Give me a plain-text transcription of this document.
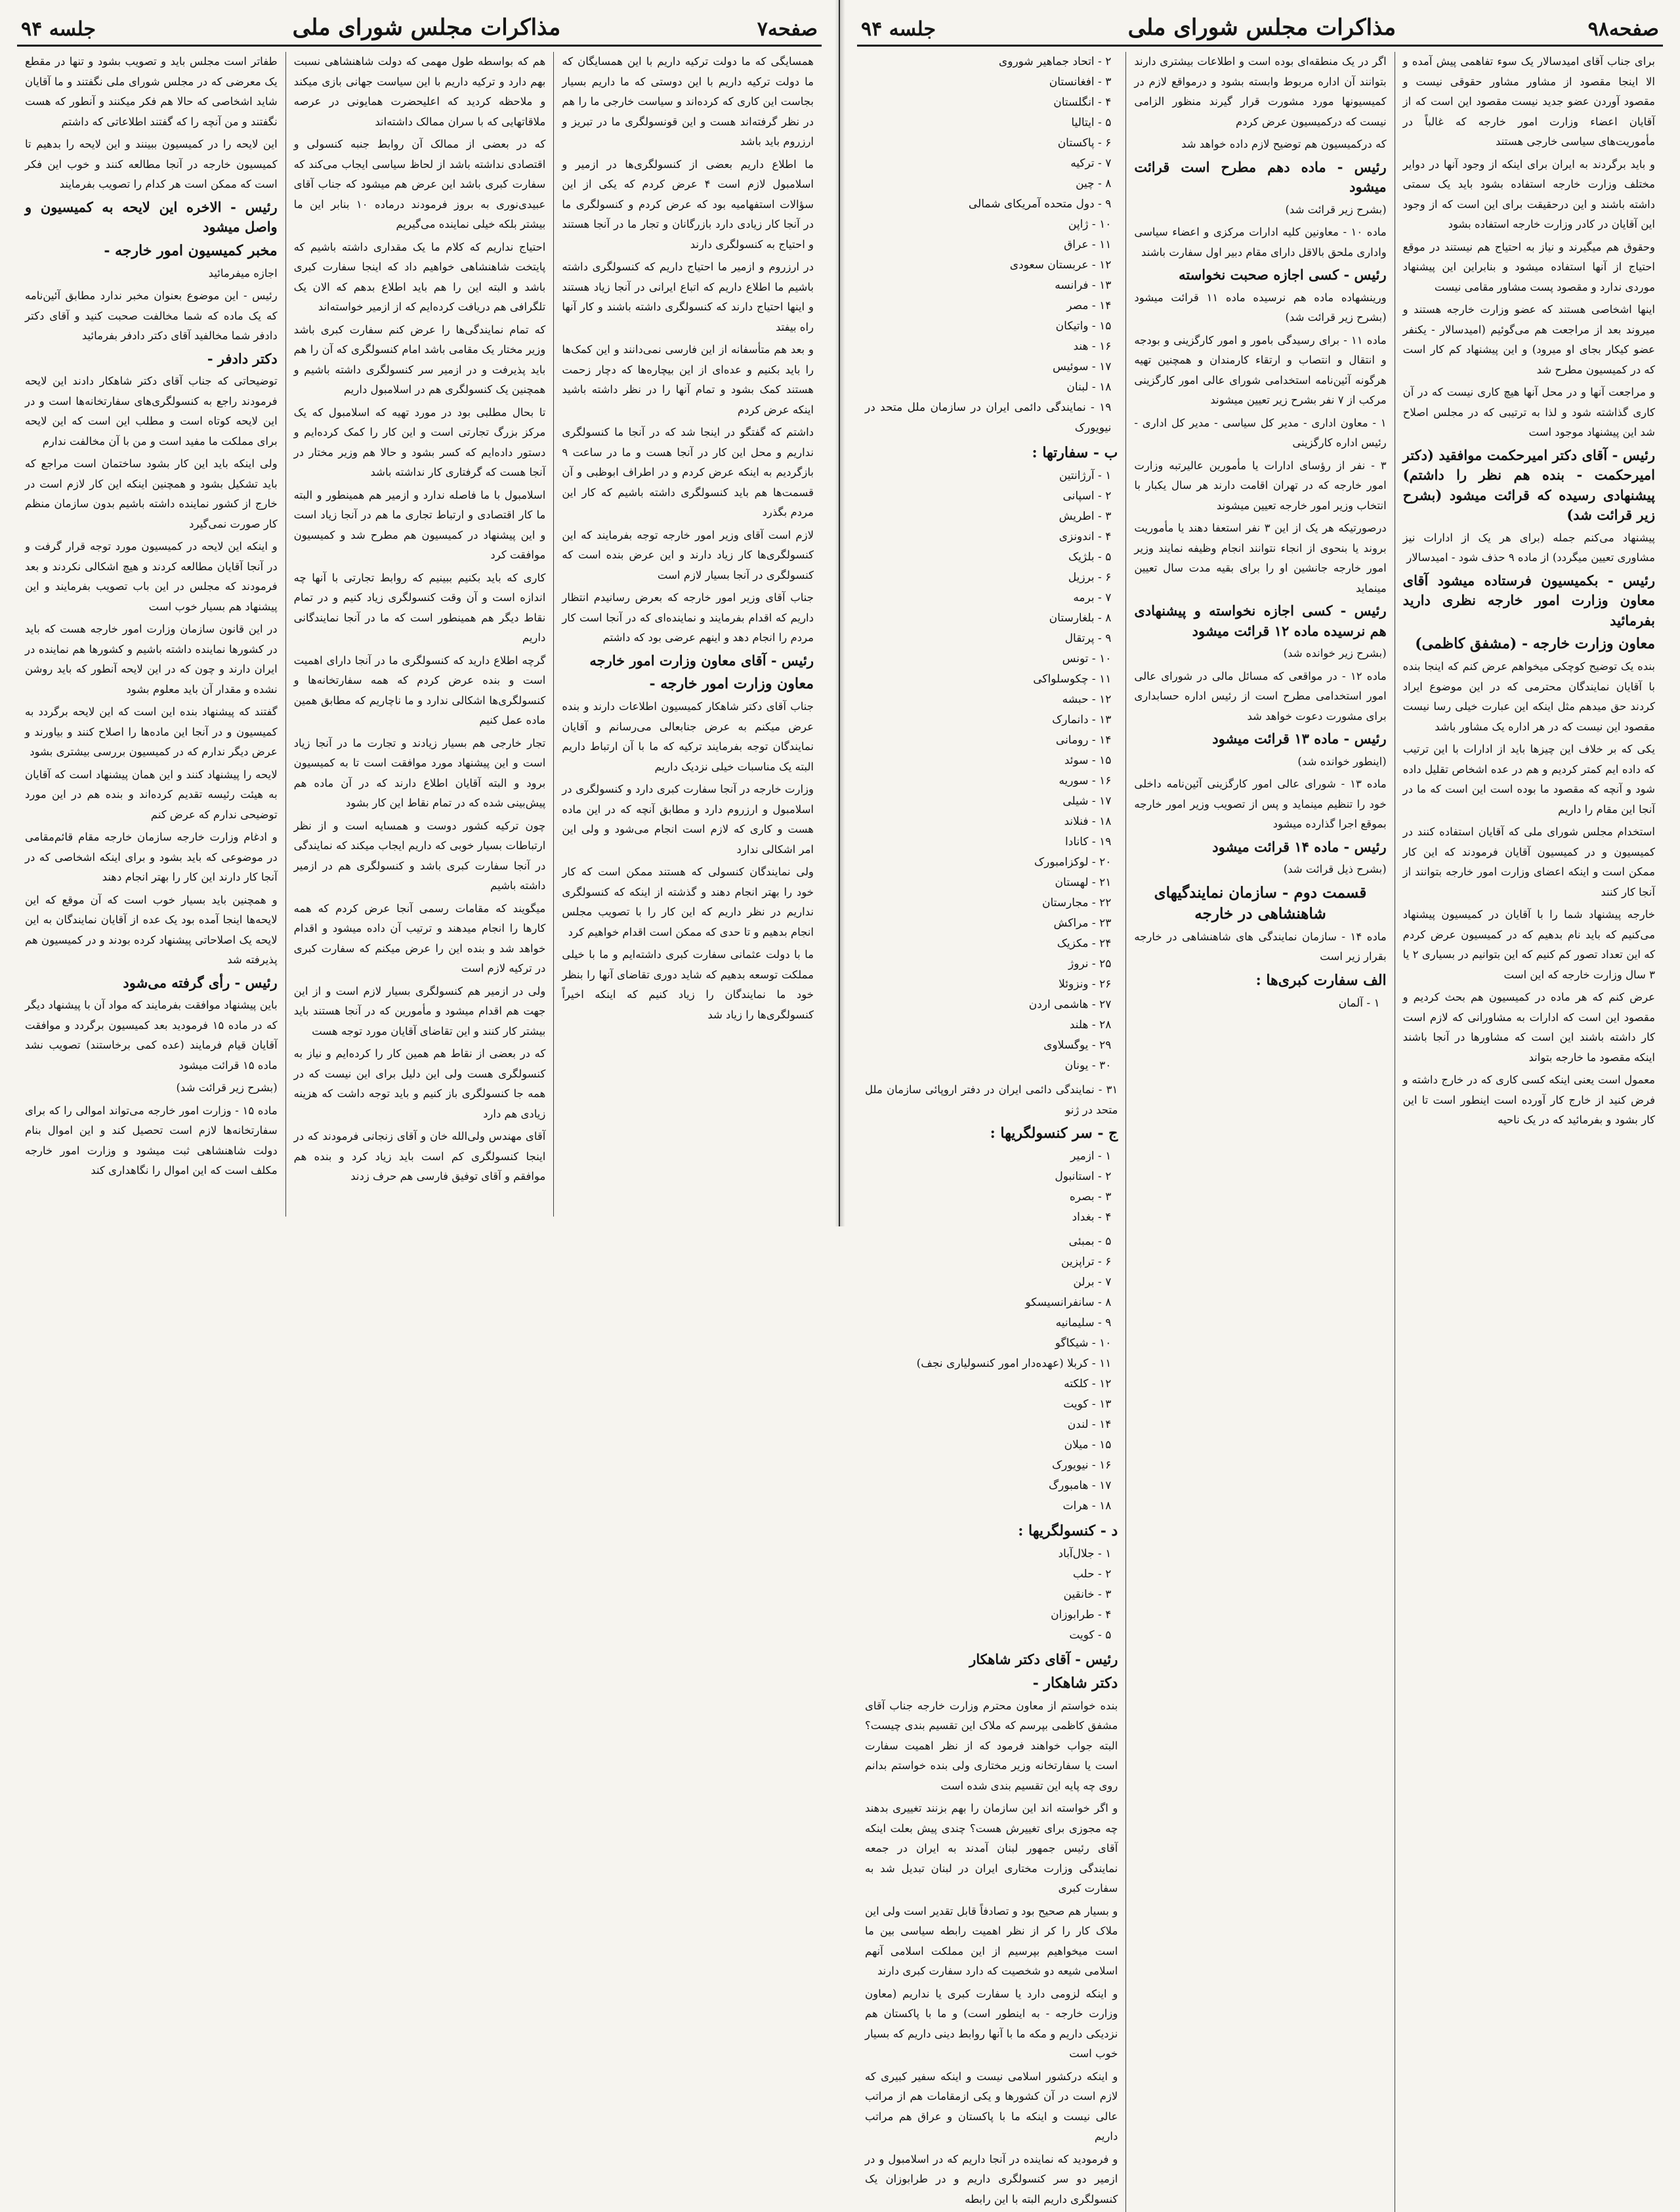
صفحه۷
مذاکرات مجلس شورای ملی
جلسه ۹۴

همسایگی که ما دولت ترکیه داریم با این همسایگان که ما دولت ترکیه داریم با این دوستی که ما داریم بسیار بجاست این کاری که کرده‌اند و سیاست خارجی ما را هم در نظر گرفته‌اند هست و این قونسولگری ما در تبریز و ارزروم باید باشد

ما اطلاع داریم بعضی از کنسولگری‌ها در ازمیر و اسلامبول لازم است ۴ عرض کردم که یکی از این سؤالات استفهامیه بود که عرض کردم و کنسولگری ما در آنجا کار زیادی دارد بازرگانان و تجار ما در آنجا هستند و احتیاج به کنسولگری دارند

در ارزروم و ازمیر ما احتیاج داریم که کنسولگری داشته باشیم ما اطلاع داریم که اتباع ایرانی در آنجا زیاد هستند و اینها احتیاج دارند که کنسولگری داشته باشند و کار آنها راه بیفتد

و بعد هم متأسفانه از این فارسی نمی‌دانند و این کمک‌ها را باید بکنیم و عده‌ای از این بیچاره‌ها که دچار زحمت هستند کمک بشود و تمام آنها را در نظر داشته باشید اینکه عرض کردم

داشتم که گفتگو در اینجا شد که در آنجا ما کنسولگری نداریم و محل این کار در آنجا هست و ما در ساعت ۹ بازگردیم به اینکه عرض کردم و در اطراف ابوظبی و آن قسمت‌ها هم باید کنسولگری داشته باشیم که کار این مردم بگذرد

لازم است آقای وزیر امور خارجه توجه بفرمایند که این کنسولگری‌ها کار زیاد دارند و این عرض بنده است که کنسولگری در آنجا بسیار لازم است

جناب آقای وزیر امور خارجه که بعرض رسانیدم انتظار داریم که اقدام بفرمایند و نماینده‌ای که در آنجا است کار مردم را انجام دهد و اینهم عرضی بود که داشتم

رئیس - آقای معاون وزارت امور خارجه

معاون وزارت امور خارجه -

جناب آقای دکتر شاهکار کمیسیون اطلاعات دارند و بنده عرض میکنم به عرض جنابعالی می‌رسانم و آقایان نمایندگان توجه بفرمایند ترکیه که ما با آن ارتباط داریم البته یک مناسبات خیلی نزدیک داریم

وزارت خارجه در آنجا سفارت کبری دارد و کنسولگری در اسلامبول و ارزروم دارد و مطابق آنچه که در این ماده هست و کاری که لازم است انجام می‌شود و ولی این امر اشکالی ندارد

ولی نمایندگان کنسولی که هستند ممکن است که کار خود را بهتر انجام دهند و گذشته از اینکه که کنسولگری نداریم در نظر داریم که این کار را با تصویب مجلس انجام بدهیم و تا حدی که ممکن است اقدام خواهیم کرد

ما با دولت عثمانی سفارت کبری داشته‌ایم و ما با خیلی مملکت توسعه بدهیم که شاید دوری تقاضای آنها را بنظر خود ما نمایندگان را زیاد کنیم که اینکه اخیراً کنسولگری‌ها را زیاد شد

هم که بواسطه طول مهمی که دولت شاهنشاهی نسبت بهم دارد و ترکیه داریم با این سیاست جهانی بازی میکند و ملاحظه کردید که اعلیحضرت همایونی در عرصه ملاقاتهایی که با سران ممالک داشته‌اند

که در بعضی از ممالک آن روابط جنبه کنسولی و اقتصادی نداشته باشد از لحاظ سیاسی ایجاب می‌کند که سفارت کبری باشد این عرض هم میشود که جناب آقای عبیدی‌نوری به بروز فرمودند درماده ۱۰ بنابر این ما بیشتر بلکه خیلی نماینده می‌گیریم

احتیاج نداریم که کلام ما یک مقداری داشته باشیم که پایتخت شاهنشاهی خواهیم داد که اینجا سفارت کبری باشد و البته این را هم باید اطلاع بدهم که الان یک تلگرافی هم دریافت کرده‌ایم که از ازمیر خواسته‌اند

که تمام نمایندگی‌ها را عرض کنم سفارت کبری باشد وزیر مختار یک مقامی باشد امام کنسولگری که آن را هم باید پذیرفت و در ازمیر سر کنسولگری داشته باشیم و همچنین یک کنسولگری هم در اسلامبول داریم

تا بحال مطلبی بود در مورد تهیه که اسلامبول که یک مرکز بزرگ تجارتی است و این کار را کمک کرده‌ایم و دستور داده‌ایم که کسر بشود و حالا هم وزیر مختار در آنجا هست که گرفتاری کار نداشته باشد

اسلامبول با ما فاصله ندارد و ازمیر هم همینطور و البته ما کار اقتصادی و ارتباط تجاری ما هم در آنجا زیاد است و این پیشنهاد در کمیسیون هم مطرح شد و کمیسیون موافقت کرد

کاری که باید بکنیم ببینیم که روابط تجارتی با آنها چه اندازه است و آن وقت کنسولگری زیاد کنیم و در تمام نقاط دیگر هم همینطور است که ما در آنجا نمایندگانی داریم

گرچه اطلاع دارید که کنسولگری ما در آنجا دارای اهمیت است و بنده عرض کردم که همه سفارتخانه‌ها و کنسولگری‌ها اشکالی ندارد و ما ناچاریم که مطابق همین ماده عمل کنیم

تجار خارجی هم بسیار زیادند و تجارت ما در آنجا زیاد است و این پیشنهاد مورد موافقت است تا به کمیسیون برود و البته آقایان اطلاع دارند که در آن ماده هم پیش‌بینی شده که در تمام نقاط این کار بشود

چون ترکیه کشور دوست و همسایه است و از نظر ارتباطات بسیار خوبی که داریم ایجاب میکند که نمایندگی در آنجا سفارت کبری باشد و کنسولگری هم در ازمیر داشته باشیم

میگویند که مقامات رسمی آنجا عرض کردم که همه کارها را انجام میدهند و ترتیب آن داده میشود و اقدام خواهد شد و بنده این را عرض میکنم که سفارت کبری در ترکیه لازم است

ولی در ازمیر هم کنسولگری بسیار لازم است و از این جهت هم اقدام میشود و مأمورین که در آنجا هستند باید بیشتر کار کنند و این تقاضای آقایان مورد توجه هست

که در بعضی از نقاط هم همین کار را کرده‌ایم و نیاز به کنسولگری هست ولی این دلیل برای این نیست که در همه جا کنسولگری باز کنیم و باید توجه داشت که هزینه زیادی هم دارد

آقای مهندس ولی‌الله خان و آقای زنجانی فرمودند که در اینجا کنسولگری کم است باید زیاد کرد و بنده هم موافقم و آقای توفیق فارسی هم حرف زدند

طفاتر است مجلس باید و تصویب بشود و تنها در مقطع یک معرضی که در مجلس شورای ملی نگفتند و ما آقایان شاید اشخاصی که حالا هم فکر میکنند و آنطور که هست نگفتند و من آنچه را که گفتند اطلاعاتی که داشتم

این لایحه را در کمیسیون ببینند و این لایحه را بدهیم تا کمیسیون خارجه در آنجا مطالعه کنند و خوب این فکر است که ممکن است هر کدام را تصویب بفرمایند

رئیس - الاخره این لایحه به کمیسیون و واصل میشود

مخبر کمیسیون امور خارجه -

اجازه میفرمائید

رئیس - این موضوع بعنوان مخبر ندارد مطابق آئین‌نامه که یک ماده که شما مخالفت صحبت کنید و آقای دکتر دادفر شما مخالفید آقای دکتر دادفر بفرمائید

دکتر دادفر -

توضیحاتی که جناب آقای دکتر شاهکار دادند این لایحه فرمودند راجع به کنسولگری‌های سفارتخانه‌ها است و در این لایحه کوتاه است و مطلب این است که این لایحه برای مملکت ما مفید است و من با آن مخالفت ندارم

ولی اینکه باید این کار بشود ساختمان است مراجع که باید تشکیل بشود و همچنین اینکه این کار لازم است در خارج از کشور نماینده داشته باشیم بدون سازمان منظم کار صورت نمی‌گیرد

و اینکه این لایحه در کمیسیون مورد توجه قرار گرفت و در آنجا آقایان مطالعه کردند و هیچ اشکالی نکردند و بعد فرمودند که مجلس در این باب تصویب بفرمایند و این پیشنهاد هم بسیار خوب است

در این قانون سازمان وزارت امور خارجه هست که باید در کشورها نماینده داشته باشیم و کشورها هم نماینده در ایران دارند و چون که در این لایحه آنطور که باید روشن نشده و مقدار آن باید معلوم بشود

گفتند که پیشنهاد بنده این است که این لایحه برگردد به کمیسیون و در آنجا این ماده‌ها را اصلاح کنند و بیاورند و عرض دیگر ندارم که در کمیسیون بررسی بیشتری بشود

لایحه را پیشنهاد کنند و این همان پیشنهاد است که آقایان به هیئت رئیسه تقدیم کرده‌اند و بنده هم در این مورد توضیحی ندارم که عرض کنم

و ادغام وزارت خارجه سازمان خارجه مقام قائم‌مقامی در موضوعی که باید بشود و برای اینکه اشخاصی که در آنجا کار دارند این کار را بهتر انجام دهند

و همچنین باید بسیار خوب است که آن موقع که این لایحه‌ها اینجا آمده بود یک عده از آقایان نمایندگان به این لایحه یک اصلاحاتی پیشنهاد کرده بودند و در کمیسیون هم پذیرفته شد

رئیس - رأی گرفته می‌شود

باین پیشنهاد موافقت بفرمایند که مواد آن با پیشنهاد دیگر که در ماده ۱۵ فرمودید بعد کمیسیون برگردد و موافقت آقایان قیام فرمایند (عده کمی برخاستند) تصویب نشد ماده ۱۵ قرائت میشود

(بشرح زیر قرائت شد)

ماده ۱۵ - وزارت امور خارجه می‌تواند اموالی را که برای سفارتخانه‌ها لازم است تحصیل کند و این اموال بنام دولت شاهنشاهی ثبت میشود و وزارت امور خارجه مکلف است که این اموال را نگاهداری کند

صفحه۹۸
مذاکرات مجلس شورای ملی
جلسه ۹۴

برای جناب آقای امیدسالار یک سوء تفاهمی پیش آمده و الا اینجا مقصود از مشاور مشاور حقوقی نیست و مقصود آوردن عضو جدید نیست مقصود این است که از آقایان اعضاء وزارت امور خارجه که غالباً در مأموریت‌های سیاسی خارجی هستند

و باید برگردند به ایران برای اینکه از وجود آنها در دوایر مختلف وزارت خارجه استفاده بشود باید یک سمتی داشته باشند و این درحقیقت برای این است که از وجود این آقایان در کادر وزارت خارجه استفاده بشود

وحقوق هم میگیرند و نیاز به احتیاج هم نیستند در موقع احتیاج از آنها استفاده میشود و بنابراین این پیشنهاد موردی ندارد و مقصود پست مشاور مقامی نیست

اینها اشخاصی هستند که عضو وزارت خارجه هستند و میروند بعد از مراجعت هم می‌گوئیم (امیدسالار - یکنفر عضو کیکار بجای او میرود) و این پیشنهاد کم کار است که در کمیسیون مطرح شد

و مراجعت آنها و در محل آنها هیچ کاری نیست که در آن کاری گذاشته شود و لذا به ترتیبی که در مجلس اصلاح شد این پیشنهاد موجود است

رئیس - آقای دکتر امیرحکمت موافقید (دکتر امیرحکمت - بنده هم نظر را داشتم) پیشنهادی رسیده که قرائت میشود (بشرح زیر قرائت شد)

پیشنهاد می‌کنم جمله (برای هر یک از ادارات نیز مشاوری تعیین میگردد) از ماده ۹ حذف شود - امیدسالار

رئیس - بکمیسیون فرستاده میشود آقای معاون وزارت امور خارجه نظری دارید بفرمائید

معاون وزارت خارجه - (مشفق کاظمی)

بنده یک توضیح کوچکی میخواهم عرض کنم که اینجا بنده با آقایان نمایندگان محترمی که در این موضوع ایراد کردند حق میدهم مثل اینکه این عبارت خیلی رسا نیست مقصود این نیست که در هر اداره یک مشاور باشد

یکی که بر خلاف این چیزها باید از ادارات با این ترتیب که داده ایم کمتر کردیم و هم در عده اشخاص تقلیل داده شود و آنچه که مقصود ما بوده است این است که ما در آنجا این مقام را داریم

استخدام مجلس شورای ملی که آقایان استفاده کنند در کمیسیون و در کمیسیون آقایان فرمودند که این کار ممکن است و اینکه اعضای وزارت امور خارجه بتوانند از آنجا کار کنند

خارجه پیشنهاد شما را با آقایان در کمیسیون پیشنهاد می‌کنیم که باید نام بدهیم که در کمیسیون عرض کردم که این تعداد تصور کم کنیم که این بتوانیم در بسیاری ۲ یا ۳ سال وزارت خارجه که این است

عرض کنم که هر ماده در کمیسیون هم بحث کردیم و مقصود این است که ادارات به مشاورانی که لازم است کار داشته باشند این است که مشاورها در آنجا باشند اینکه مقصود ما خارجه بتواند

معمول است یعنی اینکه کسی کاری که در خارج داشته و فرض کنید از خارج کار آورده است اینطور است تا این کار بشود و بفرمائید که در یک ناحیه

اگر در یک منطقه‌ای بوده است و اطلاعات بیشتری دارند بتوانند آن اداره مربوط وابسته بشود و درمواقع لازم در کمیسیونها مورد مشورت قرار گیرند منظور الزامی نیست که درکمیسیون عرض کردم

که درکمیسیون هم توضیح لازم داده خواهد شد

رئیس - ماده دهم مطرح است قرائت میشود

(بشرح زیر قرائت شد)

ماده ۱۰ - معاونین کلیه ادارات مرکزی و اعضاء سیاسی واداری ملحق بالاقل دارای مقام دبیر اول سفارت باشند

رئیس - کسی اجازه صحبت نخواسته

ورینشهاده ماده هم نرسیده ماده ۱۱ قرائت میشود (بشرح زیر قرائت شد)

ماده ۱۱ - برای رسیدگی بامور و امور کارگزینی و بودجه و انتقال و انتصاب و ارتقاء کارمندان و همچنین تهیه هرگونه آئین‌نامه استخدامی شورای عالی امور کارگزینی مرکب از ۷ نفر بشرح زیر تعیین میشوند

۱ - معاون اداری - مدیر کل سیاسی - مدیر کل اداری - رئیس اداره کارگزینی

۳ - نفر از رؤسای ادارات یا مأمورین عالیرتبه وزارت امور خارجه که در تهران اقامت دارند هر سال یکبار با انتخاب وزیر امور خارجه تعیین میشوند

درصورتیکه هر یک از این ۳ نفر استعفا دهند یا مأموریت بروند یا بنحوی از انجاء نتوانند انجام وظیفه نمایند وزیر امور خارجه جانشین او را برای بقیه مدت سال تعیین مینماید

رئیس - کسی اجازه نخواسته و پیشنهادی هم نرسیده ماده ۱۲ قرائت میشود

(بشرح زیر خوانده شد)

ماده ۱۲ - در مواقعی که مسائل مالی در شورای عالی امور استخدامی مطرح است از رئیس اداره حسابداری برای مشورت دعوت خواهد شد

رئیس - ماده ۱۳ قرائت میشود

(اینطور خوانده شد)

ماده ۱۳ - شورای عالی امور کارگزینی آئین‌نامه داخلی خود را تنظیم مینماید و پس از تصویب وزیر امور خارجه بموقع اجرا گذارده میشود

رئیس - ماده ۱۴ قرائت میشود

(بشرح ذیل قرائت شد)

قسمت دوم - سازمان نمایندگیهای شاهنشاهی در خارجه

ماده ۱۴ - سازمان نمایندگی های شاهنشاهی در خارجه بقرار زیر است

الف‌ سفارت کبری‌ها :

۱ - آلمان
۲ - اتحاد جماهیر شوروی
۳ - افغانستان
۴ - انگلستان
۵ - ایتالیا
۶ - پاکستان
۷ - ترکیه
۸ - چین
۹ - دول متحده آمریکای شمالی
۱۰ - ژاپن
۱۱ - عراق
۱۲ - عربستان سعودی
۱۳ - فرانسه
۱۴ - مصر
۱۵ - واتیکان
۱۶ - هند
۱۷ - سوئیس
۱۸ - لبنان
۱۹ - نمایندگی دائمی ایران در سازمان ملل متحد در نیویورک

ب - سفارتها :

۱ - آرژانتین
۲ - اسپانی
۳ - اطریش
۴ - اندونزی
۵ - بلژیک
۶ - برزیل
۷ - برمه
۸ - بلغارستان
۹ - پرتقال
۱۰ - تونس
۱۱ - چکوسلواکی
۱۲ - حبشه
۱۳ - دانمارک
۱۴ - رومانی
۱۵ - سوئد
۱۶ - سوریه
۱۷ - شیلی
۱۸ - فنلاند
۱۹ - کانادا
۲۰ - لوکزامبورک
۲۱ - لهستان
۲۲ - مجارستان
۲۳ - مراکش
۲۴ - مکزیک
۲۵ - نروژ
۲۶ - ونزوئلا
۲۷ - هاشمی اردن
۲۸ - هلند
۲۹ - یوگسلاوی
۳۰ - یونان

۳۱ - نمایندگی دائمی ایران در دفتر اروپائی سازمان ملل متحد در ژنو

ج - سر کنسولگریها :

۱ - ازمیر
۲ - استانبول
۳ - بصره
۴ - بغداد
۵ - بمبئی
۶ - تراپزین
۷ - برلن
۸ - سانفرانسیسکو
۹ - سلیمانیه
۱۰ - شیکاگو
۱۱ - کربلا (عهده‌دار امور کنسولیاری نجف)
۱۲ - کلکته
۱۳ - کویت
۱۴ - لندن
۱۵ - میلان
۱۶ - نیویورک
۱۷ - هامبورگ
۱۸ - هرات

د - کنسولگریها :

۱ - جلال‌آباد
۲ - حلب
۳ - خانقین
۴ - طرابوزان
۵ - کویت

رئیس - آقای دکتر شاهکار

دکتر شاهکار -

بنده خواستم از معاون محترم وزارت خارجه جناب آقای مشفق کاظمی بپرسم که ملاک این تقسیم بندی چیست؟ البته جواب خواهند فرمود که از نظر اهمیت سفارت است یا سفارتخانه وزیر مختاری ولی بنده خواستم بدانم روی چه پایه این تقسیم بندی شده است

و اگر خواسته اند این سازمان را بهم بزنند تغییری بدهند چه مجوزی برای تغییرش هست؟ چندی پیش بعلت اینکه آقای رئیس جمهور لبنان آمدند به ایران در جمعه نمایندگی وزارت مختاری ایران در لبنان تبدیل شد به سفارت کبری

و بسیار هم صحیح بود و تصادفاً قابل تقدیر است ولی این ملاک کار را کر از نظر اهمیت رابطه سیاسی بین ما است میخواهیم بپرسیم از این مملکت اسلامی آنهم اسلامی شیعه دو شخصیت که دارد سفارت کبری دارند

و اینکه لزومی دارد یا سفارت کبری یا نداریم (معاون وزارت خارجه - به اینطور است) و ما با پاکستان هم نزدیکی داریم و مکه ما با آنها روابط دینی داریم که بسیار خوب است

و اینکه درکشور اسلامی نیست و اینکه سفیر کبیری که لازم است در آن کشورها و یکی ازمقامات هم از مراتب عالی نیست و اینکه ما با پاکستان و عراق هم مراتب داریم

و فرمودید که نماینده در آنجا داریم که در اسلامبول و در ازمیر دو سر کنسولگری داریم و در طرابوزان یک کنسولگری داریم البته با این رابطه
